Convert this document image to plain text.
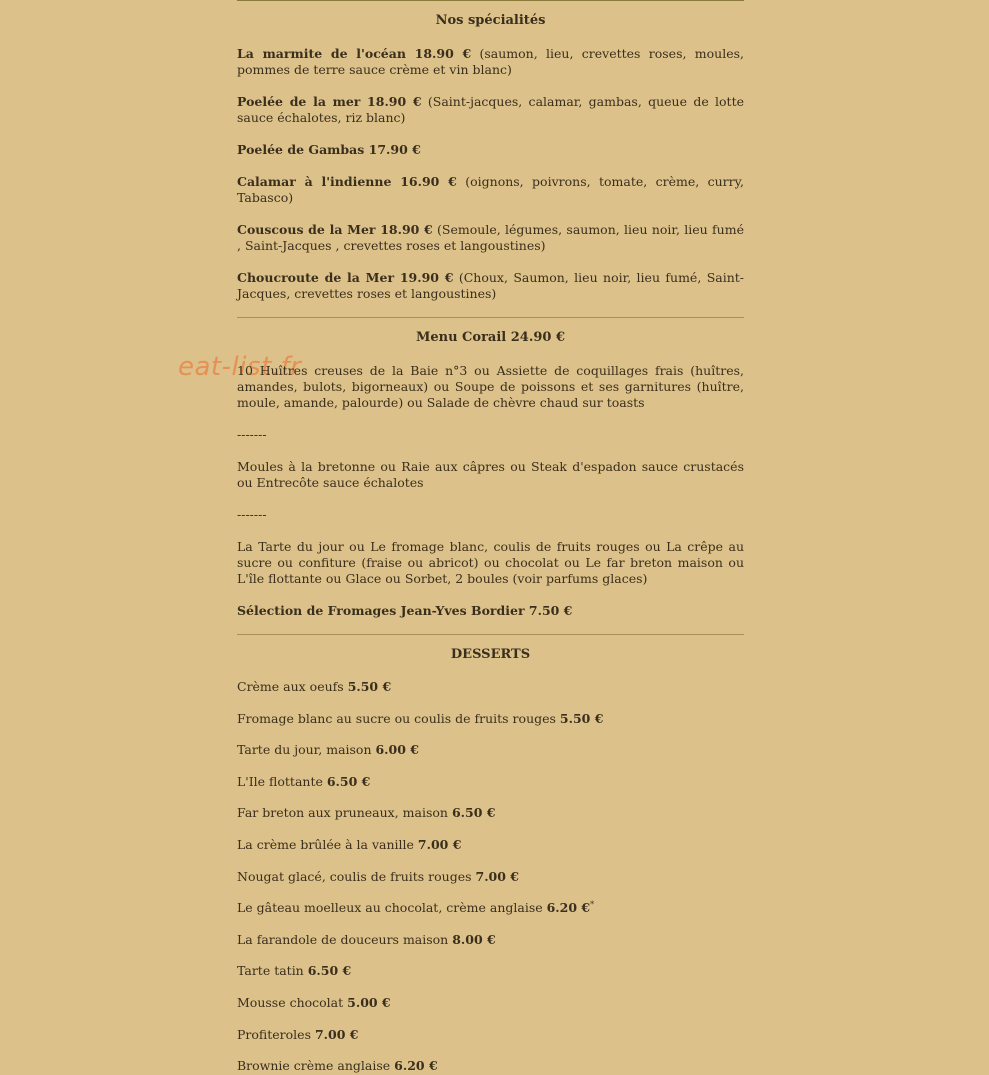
eat-list.fr
Nos spécialités
La marmite de l'océan 18.90 € (saumon, lieu, crevettes roses, moules, pommes de terre sauce crème et vin blanc)
Poelée de la mer 18.90 € (Saint-jacques, calamar, gambas, queue de lotte sauce échalotes, riz blanc)
Poelée de Gambas 17.90 €
Calamar à l'indienne 16.90 € (oignons, poivrons, tomate, crème, curry, Tabasco)
Couscous de la Mer 18.90 € (Semoule, légumes, saumon, lieu noir, lieu fumé , Saint-Jacques , crevettes roses et langoustines)
Choucroute de la Mer 19.90 € (Choux, Saumon, lieu noir, lieu fumé, Saint-Jacques, crevettes roses et langoustines)
Menu Corail 24.90 €
10 Huîtres creuses de la Baie n°3 ou Assiette de coquillages frais (huîtres, amandes, bulots, bigorneaux) ou Soupe de poissons et ses garnitures (huître, moule, amande, palourde) ou Salade de chèvre chaud sur toasts
-------
Moules à la bretonne ou Raie aux câpres ou Steak d'espadon sauce crustacés ou Entrecôte sauce échalotes
-------
La Tarte du jour ou Le fromage blanc, coulis de fruits rouges ou La crêpe au sucre ou confiture (fraise ou abricot) ou chocolat ou Le far breton maison ou L'île flottante ou Glace ou Sorbet, 2 boules (voir parfums glaces)
Sélection de Fromages Jean-Yves Bordier 7.50 €
DESSERTS
Crème aux oeufs 5.50 €
Fromage blanc au sucre ou coulis de fruits rouges 5.50 €
Tarte du jour, maison 6.00 €
L'Ile flottante 6.50 €
Far breton aux pruneaux, maison 6.50 €
La crème brûlée à la vanille 7.00 €
Nougat glacé, coulis de fruits rouges 7.00 €
Le gâteau moelleux au chocolat, crème anglaise 6.20 €*
La farandole de douceurs maison 8.00 €
Tarte tatin 6.50 €
Mousse chocolat 5.00 €
Profiteroles 7.00 €
Brownie crème anglaise 6.20 €
